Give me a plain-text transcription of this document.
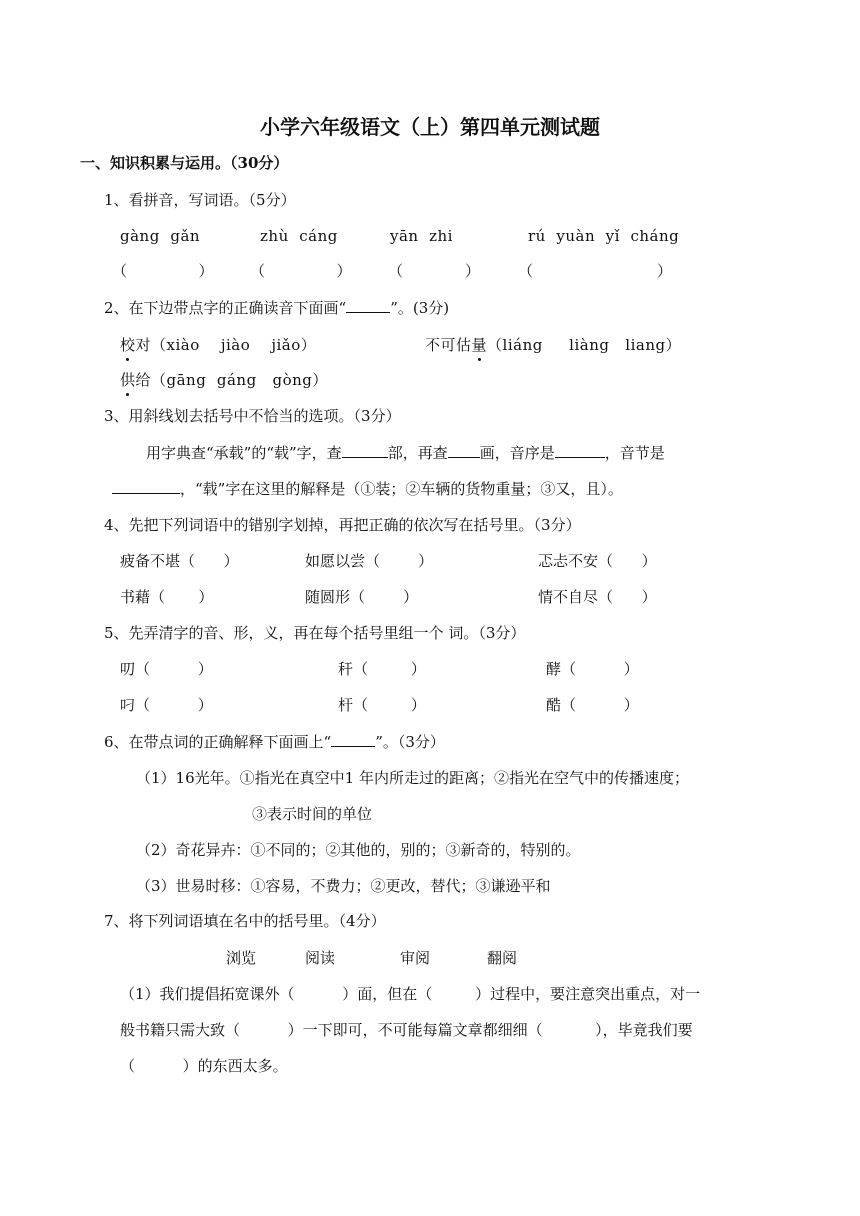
小学六年级语文（上）第四单元测试题
一、知识积累与运用。（30分）
1、看拼音，写词语。（5分）
gàng  gǎn	zhù  cáng	yān  zhi	rú  yuàn  yǐ  cháng
（               ） （               ） （             ）	（                          ）
2、在下边带点字的正确读音下面画“	”。(3分)
校对（xiào    jiào    jiǎo）	不可估量（liáng     liàng   liang）
供给（gāng  gáng   gòng）
3、用斜线划去括号中不恰当的选项。（3分）
用字典查“承载”的“载”字，查	部，再查 画，音序是	，音节是
，“载”字在这里的解释是（①装；②车辆的货物重量；③又，且）。
4、先把下列词语中的错别字划掉，再把正确的依次写在括号里。（3分）
疲备不堪（      ）	如愿以尝（        ）	忑忐不安（      ）
书藉（       ）	随圆形（        ）	情不自尽（      ）
5、先弄清字的音、形，义，再在每个括号里组一个 词。（3分）
叨（          ）	秆（         ）	酵（          ）
叼（          ）	杆（         ）	酷（          ）
6、在带点词的正确解释下面画上“	”。（3分）
（1）16光年。①指光在真空中1 年内所走过的距离；②指光在空气中的传播速度；
③表示时间的单位
（2）奇花异卉：①不同的；②其他的，别的；③新奇的，特别的。
（3）世易时移：①容易，不费力；②更改，替代；③谦逊平和
7、将下列词语填在名中的括号里。（4分）
浏览	阅读	审阅	翻阅
（1）我们提倡拓宽课外（          ）面，但在（         ）过程中，要注意突出重点，对一
般书籍只需大致（          ）一下即可，不可能每篇文章都细细（           ），毕竟我们要
（          ）的东西太多。
